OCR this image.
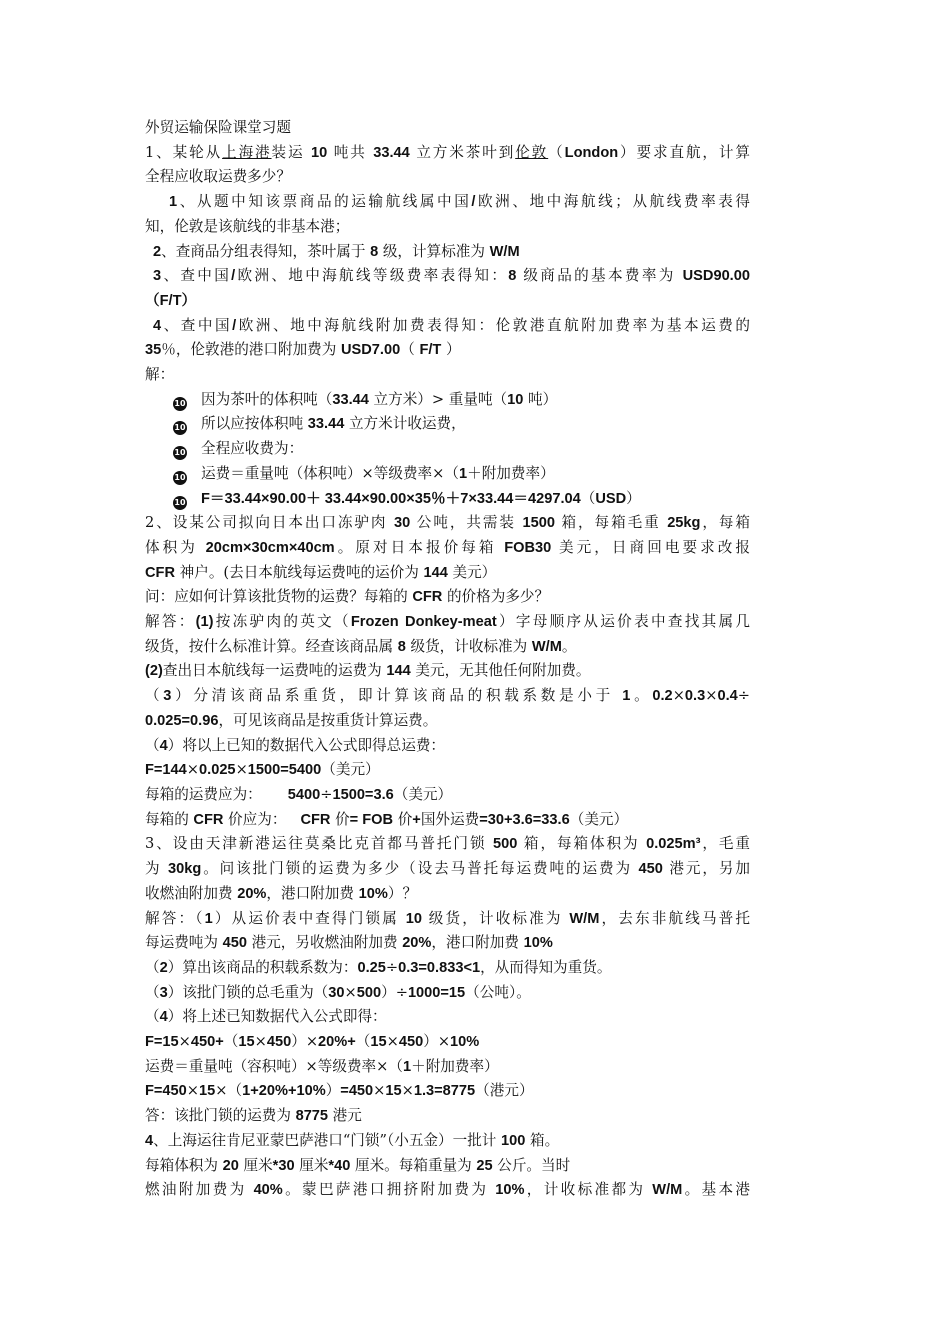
外贸运输保险课堂习题
1、某轮从上海港装运 10 吨共 33.44 立方米茶叶到伦敦（London）要求直航，计算
全程应收取运费多少？
1、从题中知该票商品的运输航线属中国/欧洲、地中海航线；从航线费率表得
知，伦敦是该航线的非基本港；
2、查商品分组表得知，茶叶属于 8 级，计算标准为 W/M
3、查中国/欧洲、地中海航线等级费率表得知：8 级商品的基本费率为 USD90.00
（F/T）
4、查中国/欧洲、地中海航线附加费表得知：伦敦港直航附加费率为基本运费的
35％，伦敦港的港口附加费为 USD7.00（ F/T ）
解：
10 因为茶叶的体积吨（33.44 立方米）> 重量吨（10 吨）
10 所以应按体积吨 33.44 立方米计收运费，
10 全程应收费为：
10 运费＝重量吨（体积吨）×等级费率×（1＋附加费率）
10 F＝33.44×90.00＋ 33.44×90.00×35％＋7×33.44＝4297.04（USD）
2、设某公司拟向日本出口冻驴肉 30 公吨，共需装 1500 箱，每箱毛重 25kg，每箱
体积为 20cm×30cm×40cm。原对日本报价每箱 FOB30 美元，日商回电要求改报
CFR 神户。(去日本航线每运费吨的运价为 144 美元）
问：应如何计算该批货物的运费？每箱的 CFR 的价格为多少？
解答：(1)按冻驴肉的英文（Frozen Donkey-meat）字母顺序从运价表中查找其属几
级货，按什么标准计算。经查该商品属 8 级货，计收标准为 W/M。
(2)查出日本航线每一运费吨的运费为 144 美元，无其他任何附加费。
（3）分清该商品系重货，即计算该商品的积载系数是小于 1。0.2×0.3×0.4÷
0.025=0.96，可见该商品是按重货计算运费。
（4）将以上已知的数据代入公式即得总运费：
F=144×0.025×1500=5400（美元）
每箱的运费应为： 5400÷1500=3.6（美元）
每箱的 CFR 价应为： CFR 价= FOB 价+国外运费=30+3.6=33.6（美元）
3、设由天津新港运往莫桑比克首都马普托门锁 500 箱，每箱体积为 0.025m³，毛重
为 30kg。问该批门锁的运费为多少（设去马普托每运费吨的运费为 450 港元，另加
收燃油附加费 20%，港口附加费 10%）？
解答：（1）从运价表中查得门锁属 10 级货，计收标准为 W/M，去东非航线马普托
每运费吨为 450 港元，另收燃油附加费 20%，港口附加费 10%
（2）算出该商品的积载系数为：0.25÷0.3=0.833<1，从而得知为重货。
（3）该批门锁的总毛重为（30×500）÷1000=15（公吨）。
（4）将上述已知数据代入公式即得：
F=15×450+（15×450）×20%+（15×450）×10%
运费＝重量吨（容积吨）×等级费率×（1＋附加费率）
F=450×15×（1+20%+10%）=450×15×1.3=8775（港元）
答：该批门锁的运费为 8775 港元
4、上海运往肯尼亚蒙巴萨港口“门锁”（小五金）一批计 100 箱。
每箱体积为 20 厘米*30 厘米*40 厘米。每箱重量为 25 公斤。当时
燃油附加费为 40%。蒙巴萨港口拥挤附加费为 10%，计收标准都为 W/M。基本港
